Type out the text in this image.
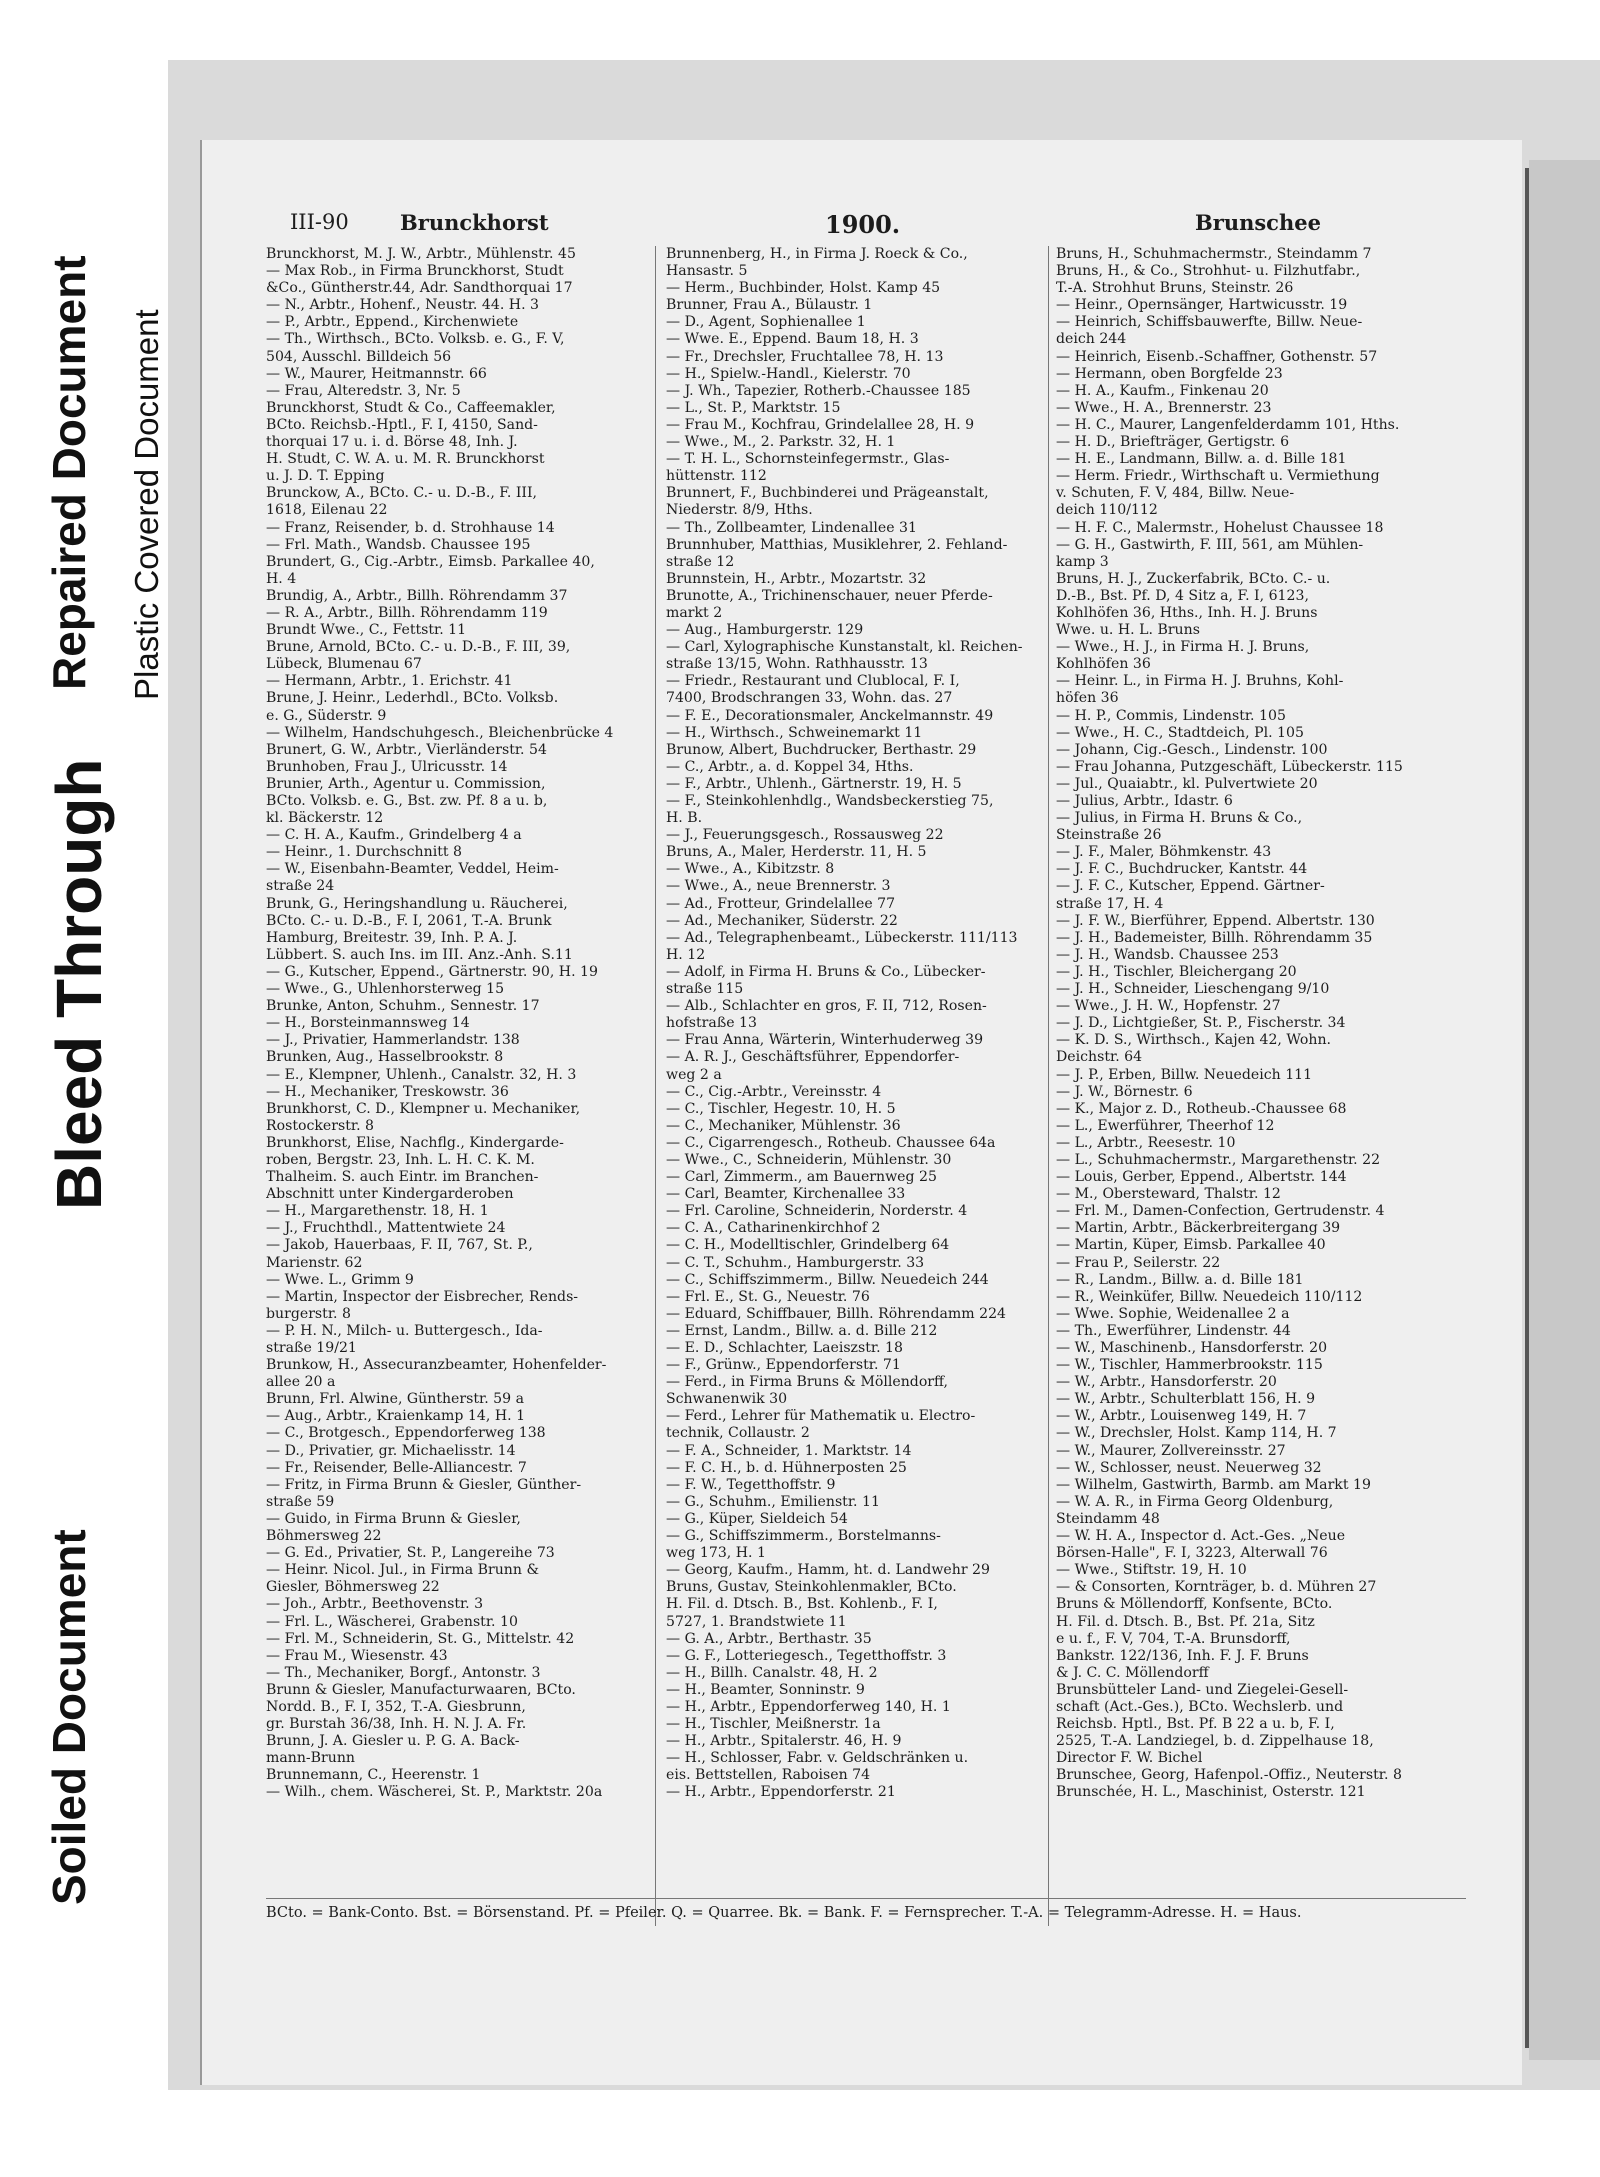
Soiled Document
Bleed Through
Repaired Document Plastic Covered Document
III-90 Brunckhorst	1900.	Brunschee
Brunckhorst, M. J. W., Arbtr., Mühlenstr. 45
— Max Rob., in Firma Brunckhorst, Studt
&Co., Güntherstr.44, Adr. Sandthorquai 17
— N., Arbtr., Hohenf., Neustr. 44. H. 3
— P., Arbtr., Eppend., Kirchenwiete
— Th., Wirthsch., BCto. Volksb. e. G., F. V,
504, Ausschl. Billdeich 56
— W., Maurer, Heitmannstr. 66
— Frau, Alteredstr. 3, Nr. 5
Brunckhorst, Studt & Co., Caffeemakler,
BCto. Reichsb.-Hptl., F. I, 4150, Sand-
thorquai 17 u. i. d. Börse 48, Inh. J.
H. Studt, C. W. A. u. M. R. Brunckhorst
u. J. D. T. Epping
Brunckow, A., BCto. C.- u. D.-B., F. III,
1618, Eilenau 22
— Franz, Reisender, b. d. Strohhause 14
— Frl. Math., Wandsb. Chaussee 195
Brundert, G., Cig.-Arbtr., Eimsb. Parkallee 40,
H. 4
Brundig, A., Arbtr., Billh. Röhrendamm 37
— R. A., Arbtr., Billh. Röhrendamm 119
Brundt Wwe., C., Fettstr. 11
Brune, Arnold, BCto. C.- u. D.-B., F. III, 39,
Lübeck, Blumenau 67
— Hermann, Arbtr., 1. Erichstr. 41
Brune, J. Heinr., Lederhdl., BCto. Volksb.
e. G., Süderstr. 9
— Wilhelm, Handschuhgesch., Bleichenbrücke 4
Brunert, G. W., Arbtr., Vierländerstr. 54
Brunhoben, Frau J., Ulricusstr. 14
Brunier, Arth., Agentur u. Commission,
BCto. Volksb. e. G., Bst. zw. Pf. 8 a u. b,
kl. Bäckerstr. 12
— C. H. A., Kaufm., Grindelberg 4 a
— Heinr., 1. Durchschnitt 8
— W., Eisenbahn-Beamter, Veddel, Heim-
straße 24
Brunk, G., Heringshandlung u. Räucherei,
BCto. C.- u. D.-B., F. I, 2061, T.-A. Brunk
Hamburg, Breitestr. 39, Inh. P. A. J.
Lübbert. S. auch Ins. im III. Anz.-Anh. S.11
— G., Kutscher, Eppend., Gärtnerstr. 90, H. 19
— Wwe., G., Uhlenhorsterweg 15
Brunke, Anton, Schuhm., Sennestr. 17
— H., Borsteinmannsweg 14
— J., Privatier, Hammerlandstr. 138
Brunken, Aug., Hasselbrookstr. 8
— E., Klempner, Uhlenh., Canalstr. 32, H. 3
— H., Mechaniker, Treskowstr. 36
Brunkhorst, C. D., Klempner u. Mechaniker,
Rostockerstr. 8
Brunkhorst, Elise, Nachflg., Kindergarde-
roben, Bergstr. 23, Inh. L. H. C. K. M.
Thalheim. S. auch Eintr. im Branchen-
Abschnitt unter Kindergarderoben
— H., Margarethenstr. 18, H. 1
— J., Fruchthdl., Mattentwiete 24
— Jakob, Hauerbaas, F. II, 767, St. P.,
Marienstr. 62
— Wwe. L., Grimm 9
— Martin, Inspector der Eisbrecher, Rends-
burgerstr. 8
— P. H. N., Milch- u. Buttergesch., Ida-
straße 19/21
Brunkow, H., Assecuranzbeamter, Hohenfelder-
allee 20 a
Brunn, Frl. Alwine, Güntherstr. 59 a
— Aug., Arbtr., Kraienkamp 14, H. 1
— C., Brotgesch., Eppendorferweg 138
— D., Privatier, gr. Michaelisstr. 14
— Fr., Reisender, Belle-Alliancestr. 7
— Fritz, in Firma Brunn & Giesler, Günther-
straße 59
— Guido, in Firma Brunn & Giesler,
Böhmersweg 22
— G. Ed., Privatier, St. P., Langereihe 73
— Heinr. Nicol. Jul., in Firma Brunn &
Giesler, Böhmersweg 22
— Joh., Arbtr., Beethovenstr. 3
— Frl. L., Wäscherei, Grabenstr. 10
— Frl. M., Schneiderin, St. G., Mittelstr. 42
— Frau M., Wiesenstr. 43
— Th., Mechaniker, Borgf., Antonstr. 3
Brunn & Giesler, Manufacturwaaren, BCto.
Nordd. B., F. I, 352, T.-A. Giesbrunn,
gr. Burstah 36/38, Inh. H. N. J. A. Fr.
Brunn, J. A. Giesler u. P. G. A. Back-
mann-Brunn
Brunnemann, C., Heerenstr. 1
— Wilh., chem. Wäscherei, St. P., Marktstr. 20a
Brunnenberg, H., in Firma J. Roeck & Co.,
Hansastr. 5
— Herm., Buchbinder, Holst. Kamp 45
Brunner, Frau A., Bülaustr. 1
— D., Agent, Sophienallee 1
— Wwe. E., Eppend. Baum 18, H. 3
— Fr., Drechsler, Fruchtallee 78, H. 13
— H., Spielw.-Handl., Kielerstr. 70
— J. Wh., Tapezier, Rotherb.-Chaussee 185
— L., St. P., Marktstr. 15
— Frau M., Kochfrau, Grindelallee 28, H. 9
— Wwe., M., 2. Parkstr. 32, H. 1
— T. H. L., Schornsteinfegermstr., Glas-
hüttenstr. 112
Brunnert, F., Buchbinderei und Prägeanstalt,
Niederstr. 8/9, Hths.
— Th., Zollbeamter, Lindenallee 31
Brunnhuber, Matthias, Musiklehrer, 2. Fehland-
straße 12
Brunnstein, H., Arbtr., Mozartstr. 32
Brunotte, A., Trichinenschauer, neuer Pferde-
markt 2
— Aug., Hamburgerstr. 129
— Carl, Xylographische Kunstanstalt, kl. Reichen-
straße 13/15, Wohn. Rathhausstr. 13
— Friedr., Restaurant und Clublocal, F. I,
7400, Brodschrangen 33, Wohn. das. 27
— F. E., Decorationsmaler, Anckelmannstr. 49
— H., Wirthsch., Schweinemarkt 11
Brunow, Albert, Buchdrucker, Berthastr. 29
— C., Arbtr., a. d. Koppel 34, Hths.
— F., Arbtr., Uhlenh., Gärtnerstr. 19, H. 5
— F., Steinkohlenhdlg., Wandsbeckerstieg 75,
H. B.
— J., Feuerungsgesch., Rossausweg 22
Bruns, A., Maler, Herderstr. 11, H. 5
— Wwe., A., Kibitzstr. 8
— Wwe., A., neue Brennerstr. 3
— Ad., Frotteur, Grindelallee 77
— Ad., Mechaniker, Süderstr. 22
— Ad., Telegraphenbeamt., Lübeckerstr. 111/113
H. 12
— Adolf, in Firma H. Bruns & Co., Lübecker-
straße 115
— Alb., Schlachter en gros, F. II, 712, Rosen-
hofstraße 13
— Frau Anna, Wärterin, Winterhuderweg 39
— A. R. J., Geschäftsführer, Eppendorfer-
weg 2 a
— C., Cig.-Arbtr., Vereinsstr. 4
— C., Tischler, Hegestr. 10, H. 5
— C., Mechaniker, Mühlenstr. 36
— C., Cigarrengesch., Rotheub. Chaussee 64a
— Wwe., C., Schneiderin, Mühlenstr. 30
— Carl, Zimmerm., am Bauernweg 25
— Carl, Beamter, Kirchenallee 33
— Frl. Caroline, Schneiderin, Norderstr. 4
— C. A., Catharinenkirchhof 2
— C. H., Modelltischler, Grindelberg 64
— C. T., Schuhm., Hamburgerstr. 33
— C., Schiffszimmerm., Billw. Neuedeich 244
— Frl. E., St. G., Neuestr. 76
— Eduard, Schiffbauer, Billh. Röhrendamm 224
— Ernst, Landm., Billw. a. d. Bille 212
— E. D., Schlachter, Laeiszstr. 18
— F., Grünw., Eppendorferstr. 71
— Ferd., in Firma Bruns & Möllendorff,
Schwanenwik 30
— Ferd., Lehrer für Mathematik u. Electro-
technik, Collaustr. 2
— F. A., Schneider, 1. Marktstr. 14
— F. C. H., b. d. Hühnerposten 25
— F. W., Tegetthoffstr. 9
— G., Schuhm., Emilienstr. 11
— G., Küper, Sieldeich 54
— G., Schiffszimmerm., Borstelmanns-
weg 173, H. 1
— Georg, Kaufm., Hamm, ht. d. Landwehr 29
Bruns, Gustav, Steinkohlenmakler, BCto.
H. Fil. d. Dtsch. B., Bst. Kohlenb., F. I,
5727, 1. Brandstwiete 11
— G. A., Arbtr., Berthastr. 35
— G. F., Lotteriegesch., Tegetthoffstr. 3
— H., Billh. Canalstr. 48, H. 2
— H., Beamter, Sonninstr. 9
— H., Arbtr., Eppendorferweg 140, H. 1
— H., Tischler, Meißnerstr. 1a
— H., Arbtr., Spitalerstr. 46, H. 9
— H., Schlosser, Fabr. v. Geldschränken u.
eis. Bettstellen, Raboisen 74
— H., Arbtr., Eppendorferstr. 21
Bruns, H., Schuhmachermstr., Steindamm 7
Bruns, H., & Co., Strohhut- u. Filzhutfabr.,
T.-A. Strohhut Bruns, Steinstr. 26
— Heinr., Opernsänger, Hartwicusstr. 19
— Heinrich, Schiffsbauwerfte, Billw. Neue-
deich 244
— Heinrich, Eisenb.-Schaffner, Gothenstr. 57
— Hermann, oben Borgfelde 23
— H. A., Kaufm., Finkenau 20
— Wwe., H. A., Brennerstr. 23
— H. C., Maurer, Langenfelderdamm 101, Hths.
— H. D., Briefträger, Gertigstr. 6
— H. E., Landmann, Billw. a. d. Bille 181
— Herm. Friedr., Wirthschaft u. Vermiethung
v. Schuten, F. V, 484, Billw. Neue-
deich 110/112
— H. F. C., Malermstr., Hohelust Chaussee 18
— G. H., Gastwirth, F. III, 561, am Mühlen-
kamp 3
Bruns, H. J., Zuckerfabrik, BCto. C.- u.
D.-B., Bst. Pf. D, 4 Sitz a, F. I, 6123,
Kohlhöfen 36, Hths., Inh. H. J. Bruns
Wwe. u. H. L. Bruns
— Wwe., H. J., in Firma H. J. Bruns,
Kohlhöfen 36
— Heinr. L., in Firma H. J. Bruhns, Kohl-
höfen 36
— H. P., Commis, Lindenstr. 105
— Wwe., H. C., Stadtdeich, Pl. 105
— Johann, Cig.-Gesch., Lindenstr. 100
— Frau Johanna, Putzgeschäft, Lübeckerstr. 115
— Jul., Quaiabtr., kl. Pulvertwiete 20
— Julius, Arbtr., Idastr. 6
— Julius, in Firma H. Bruns & Co.,
Steinstraße 26
— J. F., Maler, Böhmkenstr. 43
— J. F. C., Buchdrucker, Kantstr. 44
— J. F. C., Kutscher, Eppend. Gärtner-
straße 17, H. 4
— J. F. W., Bierführer, Eppend. Albertstr. 130
— J. H., Bademeister, Billh. Röhrendamm 35
— J. H., Wandsb. Chaussee 253
— J. H., Tischler, Bleichergang 20
— J. H., Schneider, Lieschengang 9/10
— Wwe., J. H. W., Hopfenstr. 27
— J. D., Lichtgießer, St. P., Fischerstr. 34
— K. D. S., Wirthsch., Kajen 42, Wohn.
Deichstr. 64
— J. P., Erben, Billw. Neuedeich 111
— J. W., Börnestr. 6
— K., Major z. D., Rotheub.-Chaussee 68
— L., Ewerführer, Theerhof 12
— L., Arbtr., Reesestr. 10
— L., Schuhmachermstr., Margarethenstr. 22
— Louis, Gerber, Eppend., Albertstr. 144
— M., Obersteward, Thalstr. 12
— Frl. M., Damen-Confection, Gertrudenstr. 4
— Martin, Arbtr., Bäckerbreitergang 39
— Martin, Küper, Eimsb. Parkallee 40
— Frau P., Seilerstr. 22
— R., Landm., Billw. a. d. Bille 181
— R., Weinküfer, Billw. Neuedeich 110/112
— Wwe. Sophie, Weidenallee 2 a
— Th., Ewerführer, Lindenstr. 44
— W., Maschinenb., Hansdorferstr. 20
— W., Tischler, Hammerbrookstr. 115
— W., Arbtr., Hansdorferstr. 20
— W., Arbtr., Schulterblatt 156, H. 9
— W., Arbtr., Louisenweg 149, H. 7
— W., Drechsler, Holst. Kamp 114, H. 7
— W., Maurer, Zollvereinsstr. 27
— W., Schlosser, neust. Neuerweg 32
— Wilhelm, Gastwirth, Barmb. am Markt 19
— W. A. R., in Firma Georg Oldenburg,
Steindamm 48
— W. H. A., Inspector d. Act.-Ges. „Neue
Börsen-Halle", F. I, 3223, Alterwall 76
— Wwe., Stiftstr. 19, H. 10
— & Consorten, Kornträger, b. d. Mühren 27
Bruns & Möllendorff, Konfsente, BCto.
H. Fil. d. Dtsch. B., Bst. Pf. 21a, Sitz
e u. f., F. V, 704, T.-A. Brunsdorff,
Bankstr. 122/136, Inh. F. J. F. Bruns
& J. C. C. Möllendorff
Brunsbütteler Land- und Ziegelei-Gesell-
schaft (Act.-Ges.), BCto. Wechslerb. und
Reichsb. Hptl., Bst. Pf. B 22 a u. b, F. I,
2525, T.-A. Landziegel, b. d. Zippelhause 18,
Director F. W. Bichel
Brunschee, Georg, Hafenpol.-Offiz., Neuterstr. 8
Brunschée, H. L., Maschinist, Osterstr. 121
BCto. = Bank-Conto. Bst. = Börsenstand. Pf. = Pfeiler. Q. = Quarree. Bk. = Bank. F. = Fernsprecher. T.-A. = Telegramm-Adresse. H. = Haus.
